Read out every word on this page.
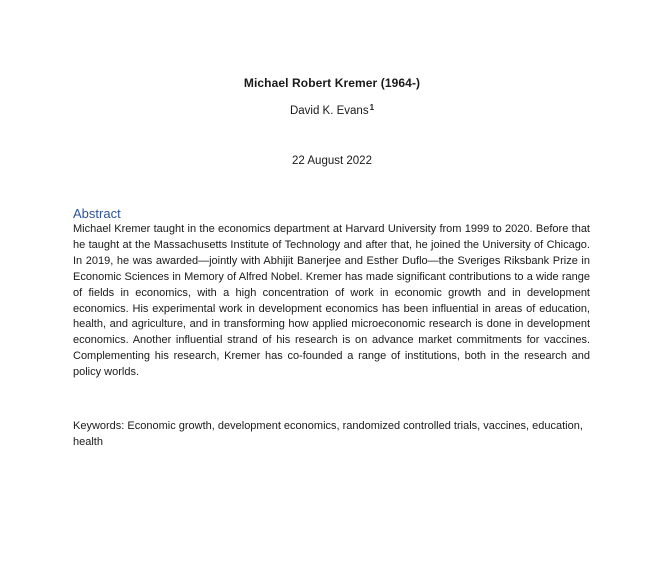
Michael Robert Kremer (1964-)
David K. Evans$^1$
22 August 2022
Abstract
Michael Kremer taught in the economics department at Harvard University from 1999 to 2020. Before that he taught at the Massachusetts Institute of Technology and after that, he joined the University of Chicago. In 2019, he was awarded—jointly with Abhijit Banerjee and Esther Duflo—the Sveriges Riksbank Prize in Economic Sciences in Memory of Alfred Nobel. Kremer has made significant contributions to a wide range of fields in economics, with a high concentration of work in economic growth and in development economics. His experimental work in development economics has been influential in areas of education, health, and agriculture, and in transforming how applied microeconomic research is done in development economics. Another influential strand of his research is on advance market commitments for vaccines. Complementing his research, Kremer has co-founded a range of institutions, both in the research and policy worlds.
Keywords: Economic growth, development economics, randomized controlled trials, vaccines, education, health
